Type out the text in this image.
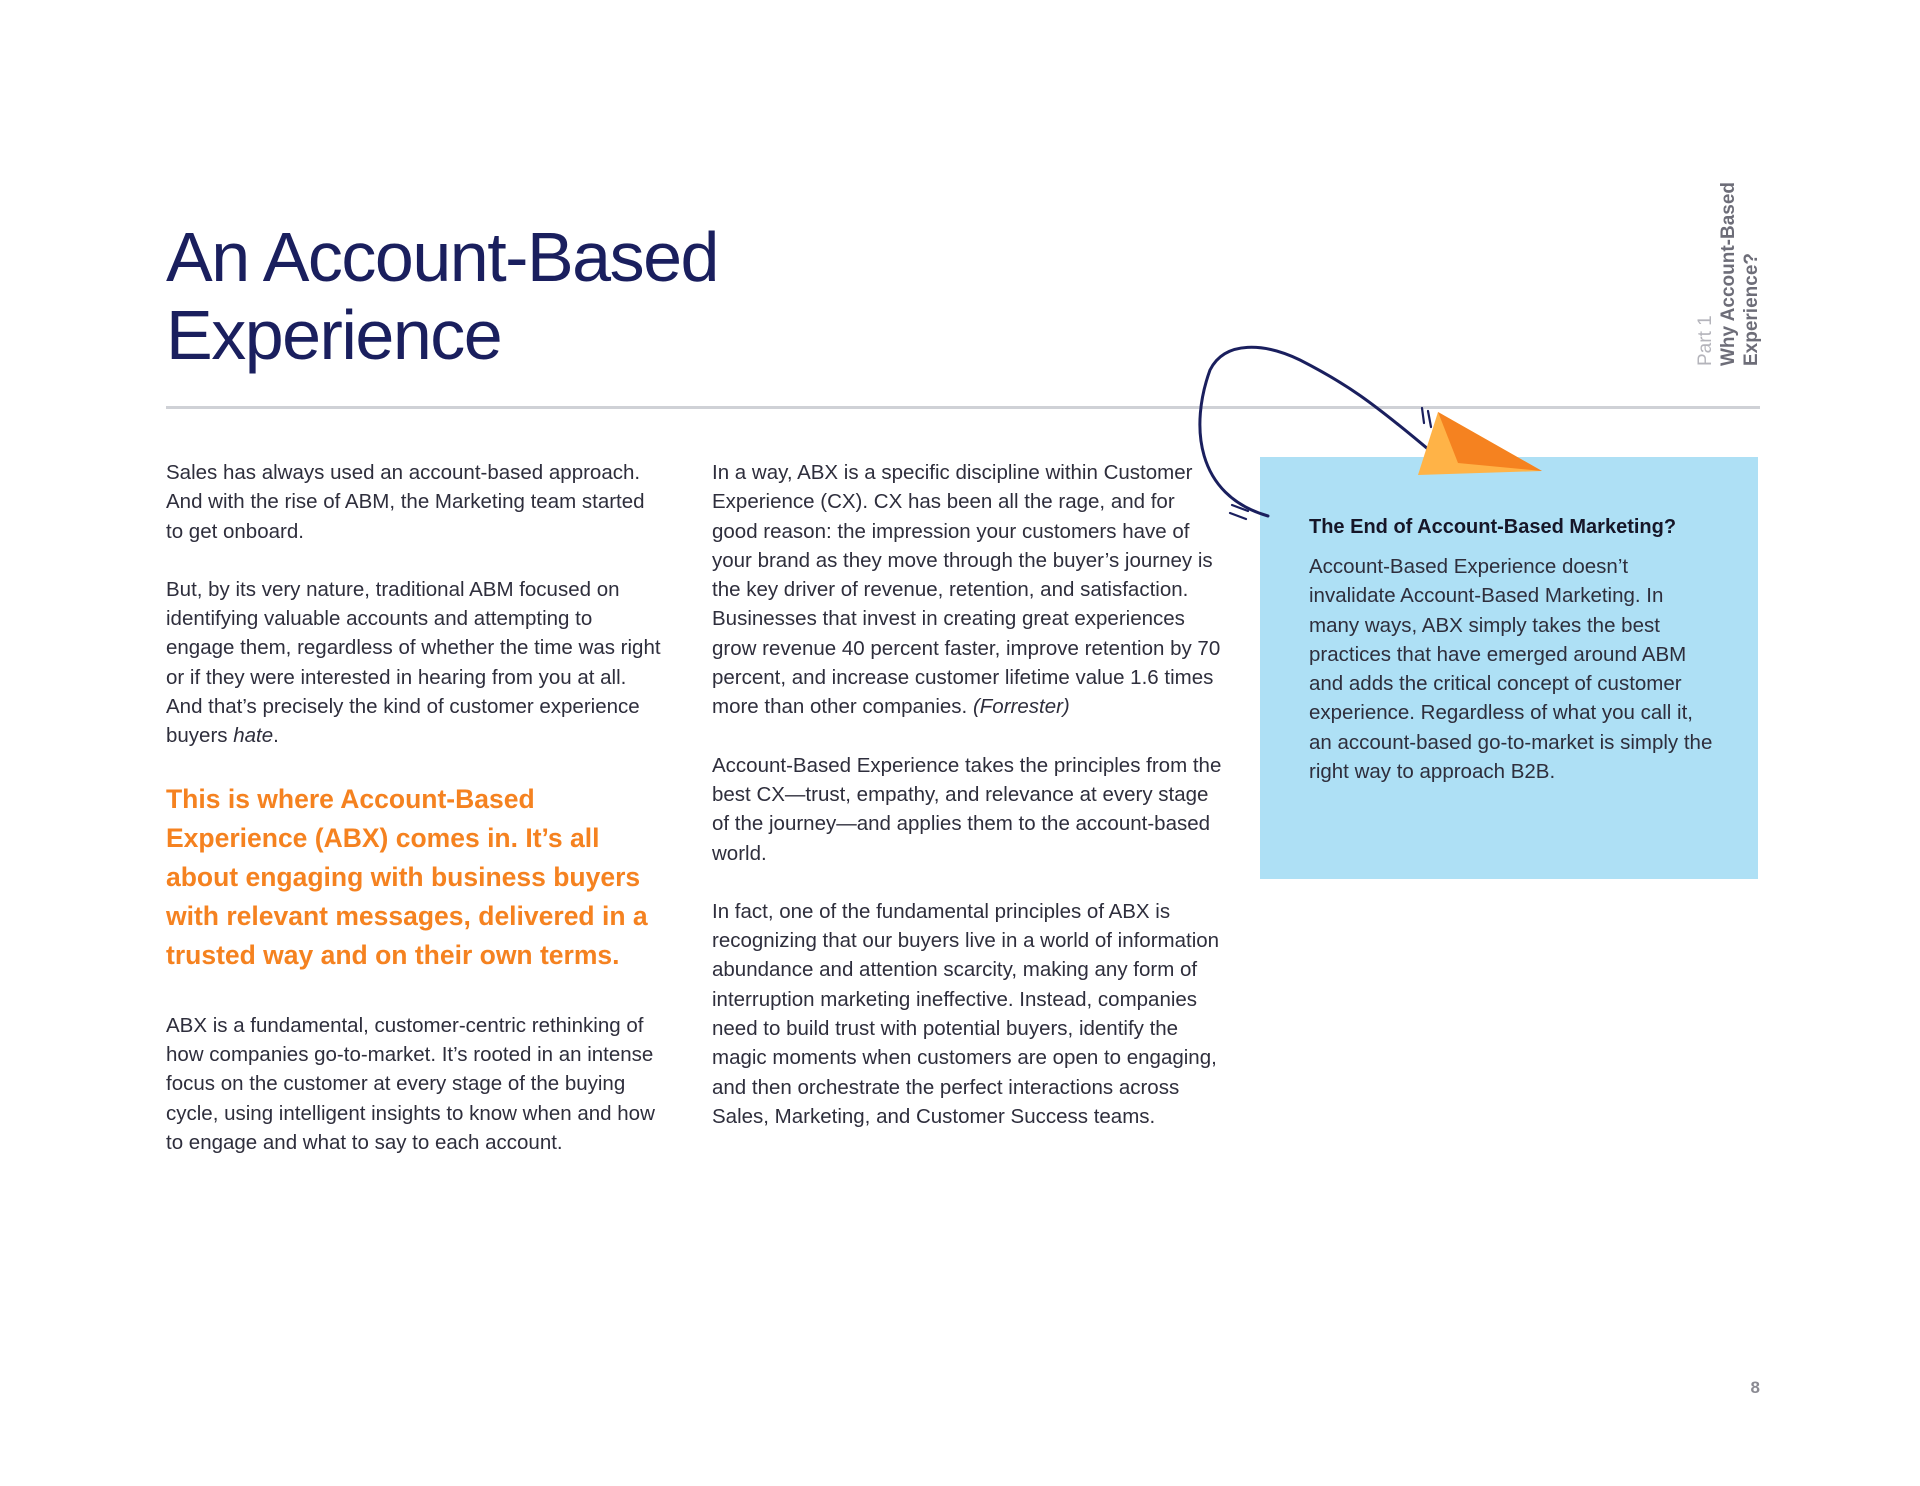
An Account-Based
Experience	Part 1 Why Account-Based Experience?

Sales has always used an account-based approach. And with the rise of ABM, the Marketing team started to get onboard.

But, by its very nature, traditional ABM focused on identifying valuable accounts and attempting to engage them, regardless of whether the time was right or if they were interested in hearing from you at all. And that’s precisely the kind of customer experience buyers hate.

This is where Account-Based Experience (ABX) comes in. It’s all about engaging with business buyers with relevant messages, delivered in a trusted way and on their own terms.

ABX is a fundamental, customer-centric rethinking of how companies go-to-market. It’s rooted in an intense focus on the customer at every stage of the buying cycle, using intelligent insights to know when and how to engage and what to say to each account.

In a way, ABX is a specific discipline within Customer Experience (CX). CX has been all the rage, and for good reason: the impression your customers have of your brand as they move through the buyer’s journey is the key driver of revenue, retention, and satisfaction. Businesses that invest in creating great experiences grow revenue 40 percent faster, improve retention by 70 percent, and increase customer lifetime value 1.6 times more than other companies. (Forrester)

Account-Based Experience takes the principles from the best CX—trust, empathy, and relevance at every stage of the journey—and applies them to the account-based world.

In fact, one of the fundamental principles of ABX is recognizing that our buyers live in a world of information abundance and attention scarcity, making any form of interruption marketing ineffective. Instead, companies need to build trust with potential buyers, identify the magic moments when customers are open to engaging, and then orchestrate the perfect interactions across Sales, Marketing, and Customer Success teams.

The End of Account-Based Marketing?

Account-Based Experience doesn’t invalidate Account-Based Marketing. In many ways, ABX simply takes the best practices that have emerged around ABM and adds the critical concept of customer experience. Regardless of what you call it, an account-based go-to-market is simply the right way to approach B2B.

8
